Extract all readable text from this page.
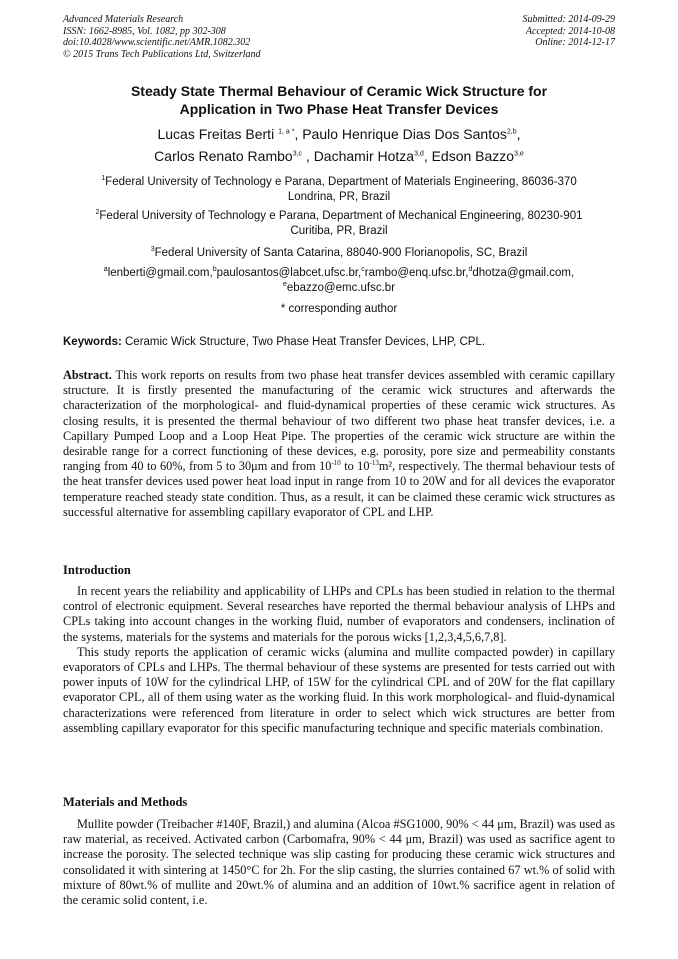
Advanced Materials Research
ISSN: 1662-8985, Vol. 1082, pp 302-308
doi:10.4028/www.scientific.net/AMR.1082.302
© 2015 Trans Tech Publications Ltd, Switzerland
Submitted: 2014-09-29
Accepted: 2014-10-08
Online: 2014-12-17
Steady State Thermal Behaviour of Ceramic Wick Structure for
Application in Two Phase Heat Transfer Devices
Lucas Freitas Berti $^{1, a *}$, Paulo Henrique Dias Dos Santos$^{2,b}$,
Carlos Renato Rambo$^{3,c}$ , Dachamir Hotza$^{3,d}$, Edson Bazzo$^{3,e}$
$^1$Federal University of Technology e Parana, Department of Materials Engineering, 86036-370
Londrina, PR, Brazil
$^2$Federal University of Technology e Parana, Department of Mechanical Engineering, 80230-901
Curitiba, PR, Brazil
$^3$Federal University of Santa Catarina, 88040-900 Florianopolis, SC, Brazil
$^a$lenberti@gmail.com,$^b$paulosantos@labcet.ufsc.br,$^c$rambo@enq.ufsc.br,$^d$dhotza@gmail.com,
$^e$ebazzo@emc.ufsc.br
* corresponding author
Keywords: Ceramic Wick Structure, Two Phase Heat Transfer Devices, LHP, CPL.
Abstract. This work reports on results from two phase heat transfer devices assembled with ceramic capillary structure. It is firstly presented the manufacturing of the ceramic wick structures and afterwards the characterization of the morphological- and fluid-dynamical properties of these ceramic wick structures. As closing results, it is presented the thermal behaviour of two different two phase heat transfer devices, i.e. a Capillary Pumped Loop and a Loop Heat Pipe. The properties of the ceramic wick structure are within the desirable range for a correct functioning of these devices, e.g. porosity, pore size and permeability constants ranging from 40 to 60%, from 5 to 30μm and from $10^{-10}$ to $10^{-13}m^2$, respectively. The thermal behaviour tests of the heat transfer devices used power heat load input in range from 10 to 20W and for all devices the evaporator temperature reached steady state condition. Thus, as a result, it can be claimed these ceramic wick structures as successful alternative for assembling capillary evaporator of CPL and LHP.
Introduction

In recent years the reliability and applicability of LHPs and CPLs has been studied in relation to the thermal control of electronic equipment. Several researches have reported the thermal behaviour analysis of LHPs and CPLs taking into account changes in the working fluid, number of evaporators and condensers, inclination of the systems, materials for the systems and materials for the porous wicks [1,2,3,4,5,6,7,8].

This study reports the application of ceramic wicks (alumina and mullite compacted powder) in capillary evaporators of CPLs and LHPs. The thermal behaviour of these systems are presented for tests carried out with power inputs of 10W for the cylindrical LHP, of 15W for the cylindrical CPL and of 20W for the flat capillary evaporator CPL, all of them using water as the working fluid. In this work morphological- and fluid-dynamical characterizations were referenced from literature in order to select which wick structures are better from assembling capillary evaporator for this specific manufacturing technique and specific materials combination.

Materials and Methods

Mullite powder (Treibacher #140F, Brazil,) and alumina (Alcoa #SG1000, 90% < 44 μm, Brazil) was used as raw material, as received. Activated carbon (Carbomafra, 90% < 44 μm, Brazil) was used as sacrifice agent to increase the porosity. The selected technique was slip casting for producing these ceramic wick structures and consolidated it with sintering at 1450°C for 2h. For the slip casting, the slurries contained 67 wt.% of solid with mixture of 80wt.% of mullite and 20wt.% of alumina and an addition of 10wt.% sacrifice agent in relation of the ceramic solid content, i.e.
